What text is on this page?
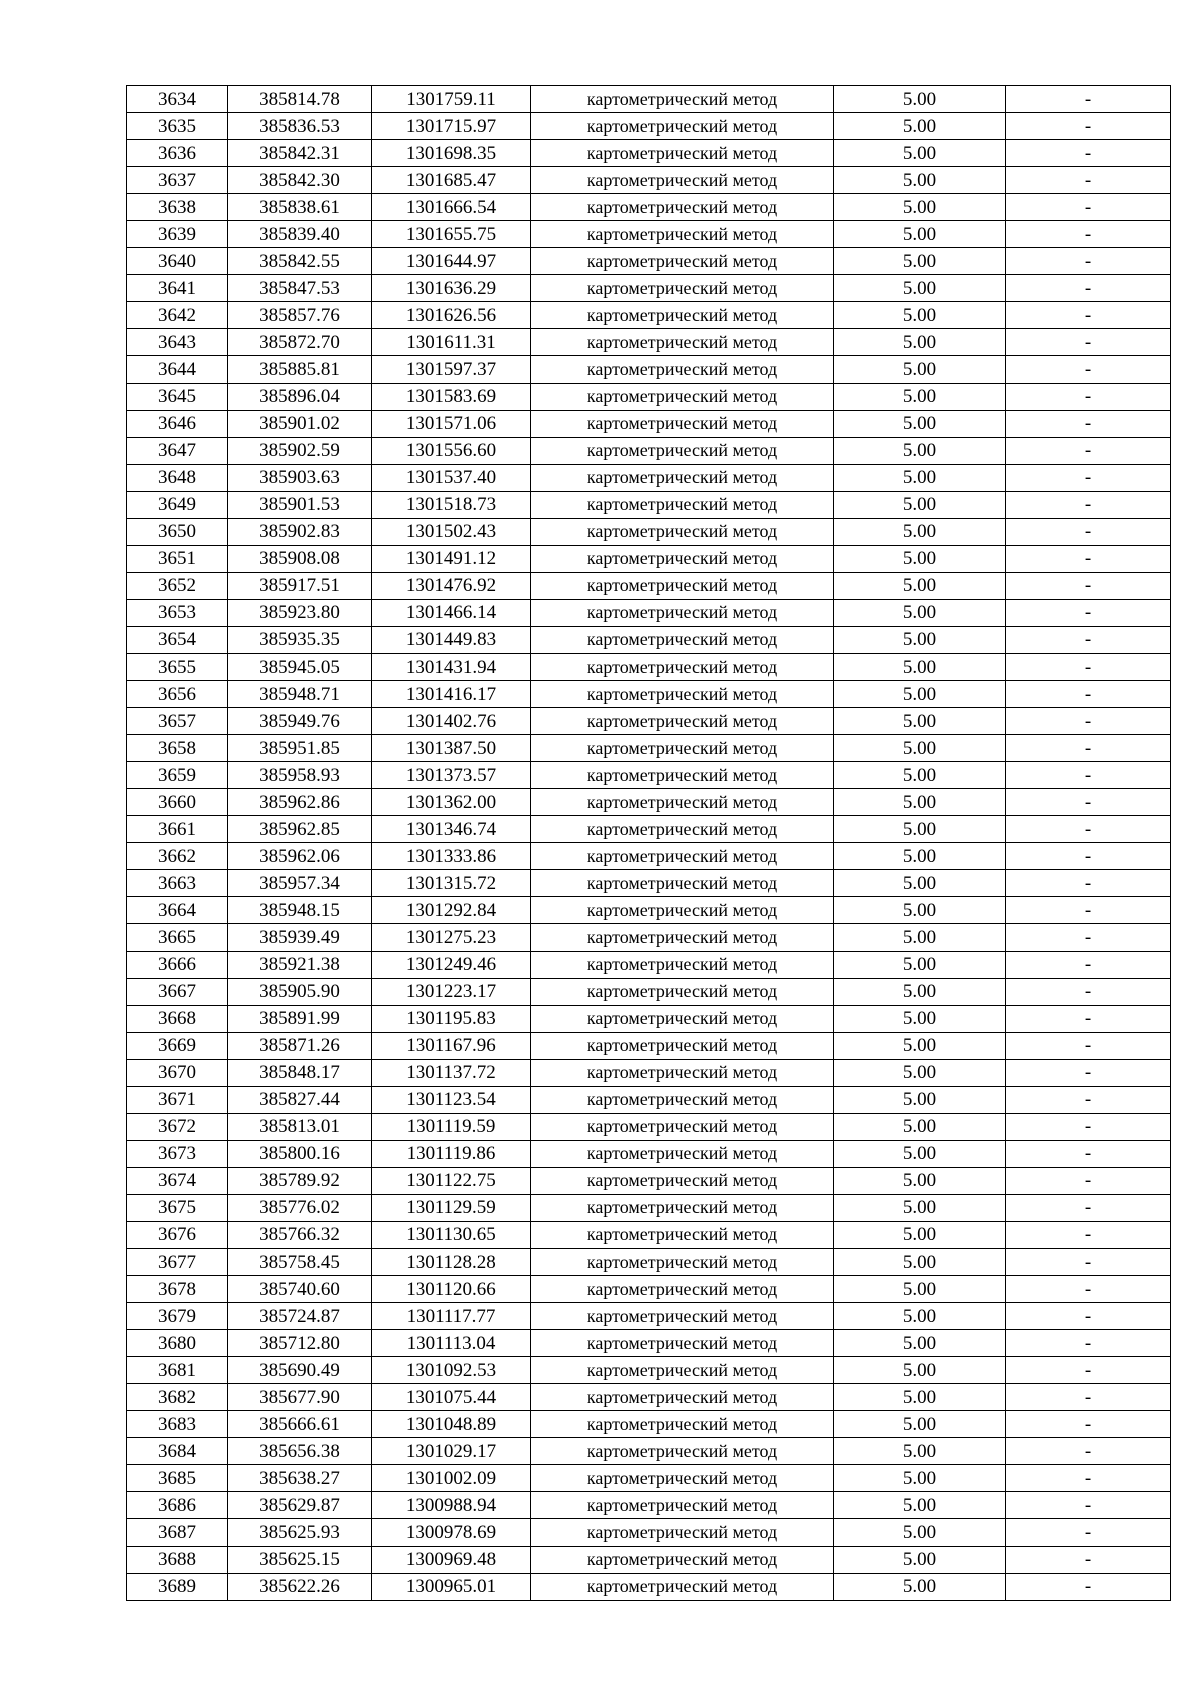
3634	385814.78	1301759.11	картометрический метод	5.00	-
3635	385836.53	1301715.97	картометрический метод	5.00	-
3636	385842.31	1301698.35	картометрический метод	5.00	-
3637	385842.30	1301685.47	картометрический метод	5.00	-
3638	385838.61	1301666.54	картометрический метод	5.00	-
3639	385839.40	1301655.75	картометрический метод	5.00	-
3640	385842.55	1301644.97	картометрический метод	5.00	-
3641	385847.53	1301636.29	картометрический метод	5.00	-
3642	385857.76	1301626.56	картометрический метод	5.00	-
3643	385872.70	1301611.31	картометрический метод	5.00	-
3644	385885.81	1301597.37	картометрический метод	5.00	-
3645	385896.04	1301583.69	картометрический метод	5.00	-
3646	385901.02	1301571.06	картометрический метод	5.00	-
3647	385902.59	1301556.60	картометрический метод	5.00	-
3648	385903.63	1301537.40	картометрический метод	5.00	-
3649	385901.53	1301518.73	картометрический метод	5.00	-
3650	385902.83	1301502.43	картометрический метод	5.00	-
3651	385908.08	1301491.12	картометрический метод	5.00	-
3652	385917.51	1301476.92	картометрический метод	5.00	-
3653	385923.80	1301466.14	картометрический метод	5.00	-
3654	385935.35	1301449.83	картометрический метод	5.00	-
3655	385945.05	1301431.94	картометрический метод	5.00	-
3656	385948.71	1301416.17	картометрический метод	5.00	-
3657	385949.76	1301402.76	картометрический метод	5.00	-
3658	385951.85	1301387.50	картометрический метод	5.00	-
3659	385958.93	1301373.57	картометрический метод	5.00	-
3660	385962.86	1301362.00	картометрический метод	5.00	-
3661	385962.85	1301346.74	картометрический метод	5.00	-
3662	385962.06	1301333.86	картометрический метод	5.00	-
3663	385957.34	1301315.72	картометрический метод	5.00	-
3664	385948.15	1301292.84	картометрический метод	5.00	-
3665	385939.49	1301275.23	картометрический метод	5.00	-
3666	385921.38	1301249.46	картометрический метод	5.00	-
3667	385905.90	1301223.17	картометрический метод	5.00	-
3668	385891.99	1301195.83	картометрический метод	5.00	-
3669	385871.26	1301167.96	картометрический метод	5.00	-
3670	385848.17	1301137.72	картометрический метод	5.00	-
3671	385827.44	1301123.54	картометрический метод	5.00	-
3672	385813.01	1301119.59	картометрический метод	5.00	-
3673	385800.16	1301119.86	картометрический метод	5.00	-
3674	385789.92	1301122.75	картометрический метод	5.00	-
3675	385776.02	1301129.59	картометрический метод	5.00	-
3676	385766.32	1301130.65	картометрический метод	5.00	-
3677	385758.45	1301128.28	картометрический метод	5.00	-
3678	385740.60	1301120.66	картометрический метод	5.00	-
3679	385724.87	1301117.77	картометрический метод	5.00	-
3680	385712.80	1301113.04	картометрический метод	5.00	-
3681	385690.49	1301092.53	картометрический метод	5.00	-
3682	385677.90	1301075.44	картометрический метод	5.00	-
3683	385666.61	1301048.89	картометрический метод	5.00	-
3684	385656.38	1301029.17	картометрический метод	5.00	-
3685	385638.27	1301002.09	картометрический метод	5.00	-
3686	385629.87	1300988.94	картометрический метод	5.00	-
3687	385625.93	1300978.69	картометрический метод	5.00	-
3688	385625.15	1300969.48	картометрический метод	5.00	-
3689	385622.26	1300965.01	картометрический метод	5.00	-
